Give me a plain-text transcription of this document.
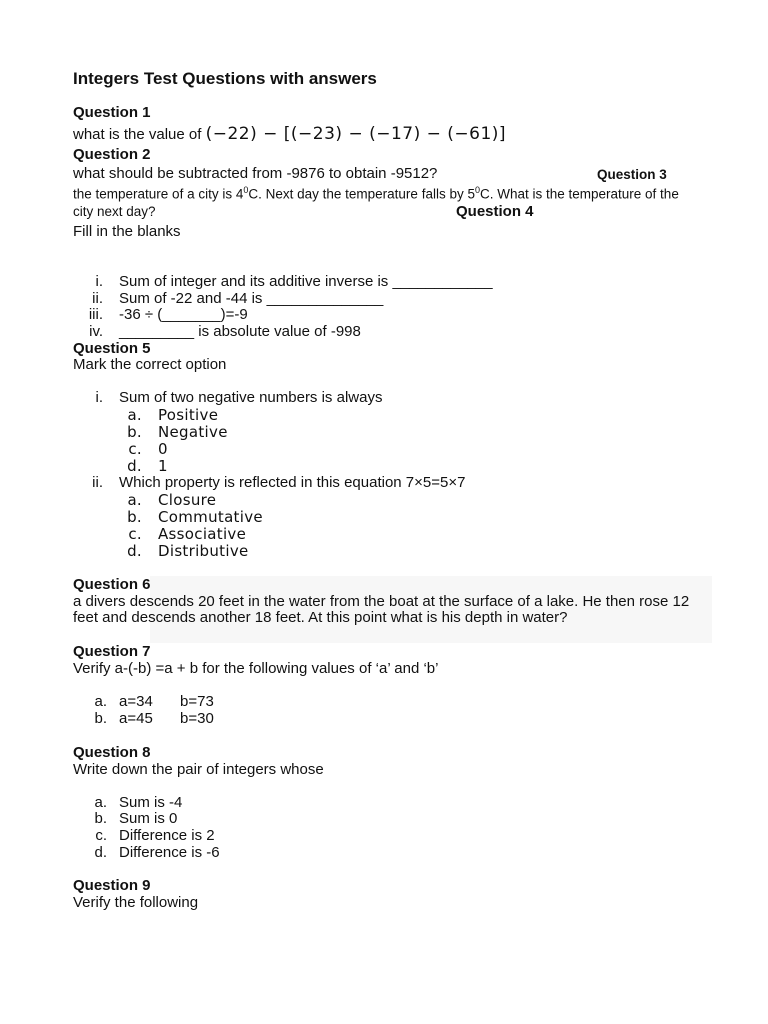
Integers Test Questions with answers
Question 1
what is the value of (−22) − [(−23) − (−17) − (−61)]
Question 2
what should be subtracted from -9876 to obtain -9512?	Question 3
the temperature of a city is $4^0C$. Next day the temperature falls by $5^0C$. What is the temperature of the
city next day?	Question 4
Fill in the blanks
i. Sum of integer and its additive inverse is ____________
ii. Sum of -22 and -44 is ______________
iii. -36 ÷ (_______)=-9
iv. _________ is absolute value of -998
Question 5
Mark the correct option
i. Sum of two negative numbers is always
a. Positive
b. Negative
c. 0
d. 1
ii. Which property is reflected in this equation 7×5=5×7
a. Closure
b. Commutative
c. Associative
d. Distributive
Question 6
a divers descends 20 feet in the water from the boat at the surface of a lake. He then rose 12
feet and descends another 18 feet. At this point what is his depth in water?
Question 7
Verify a-(-b) =a + b for the following values of ‘a’ and ‘b’
a. a=34 b=73
b. a=45 b=30
Question 8
Write down the pair of integers whose
a. Sum is -4
b. Sum is 0
c. Difference is 2
d. Difference is -6
Question 9
Verify the following
